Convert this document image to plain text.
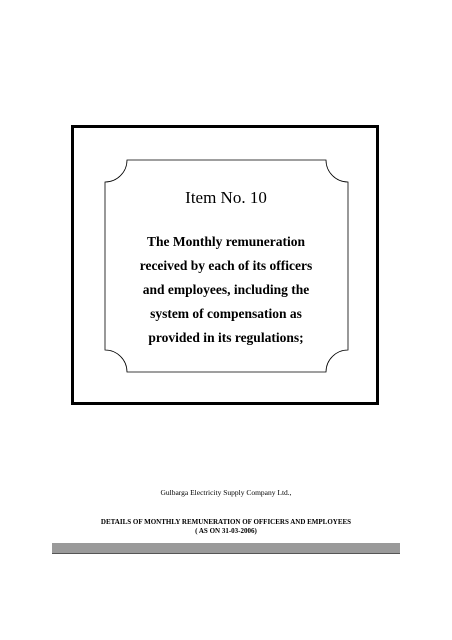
Item No. 10
The Monthly remuneration
received by each of its officers
and employees, including the
system of compensation as
provided in its regulations;
Gulbarga Electricity Supply Company Ltd.,
DETAILS OF MONTHLY REMUNERATION OF OFFICERS AND EMPLOYEES
( AS ON 31-03-2006)
